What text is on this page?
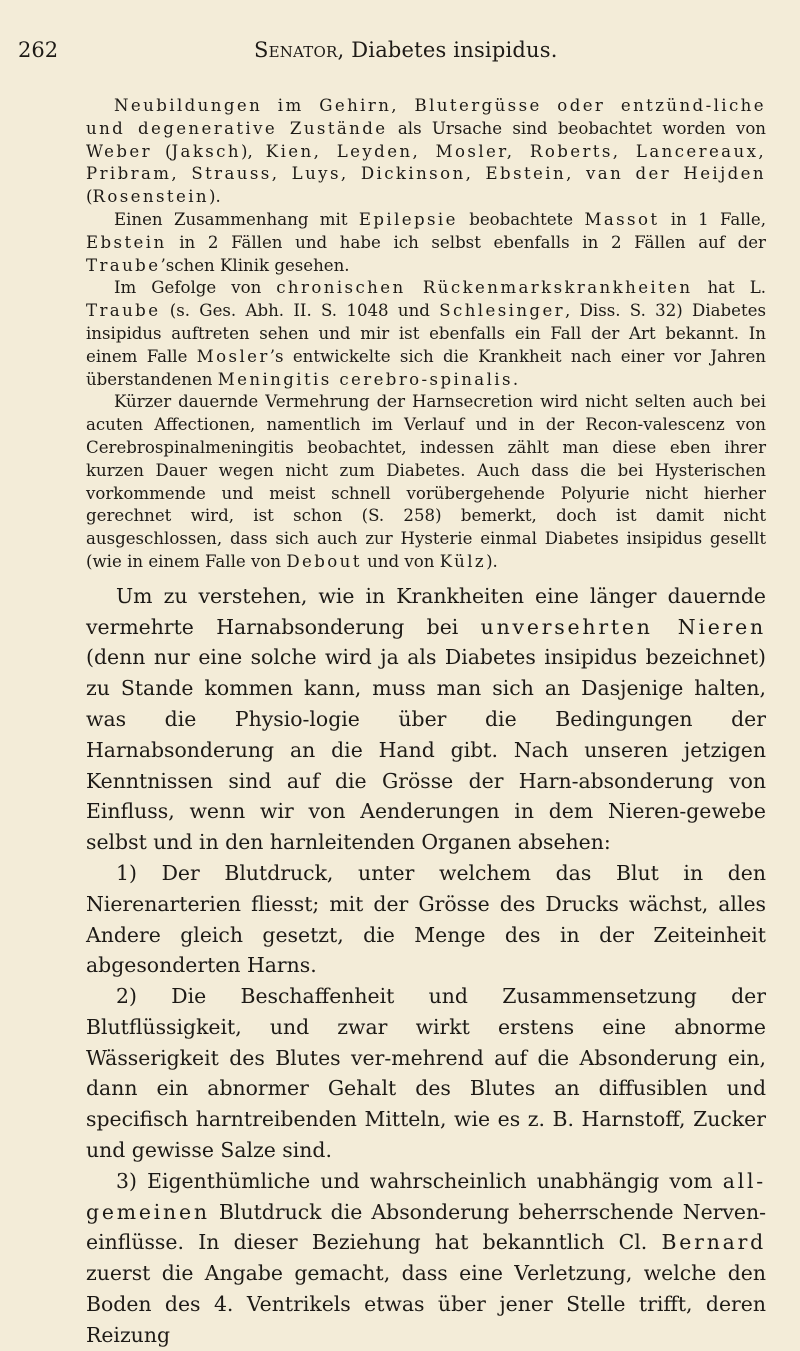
262	Senator, Diabetes insipidus.

Neubildungen im Gehirn, Blutergüsse oder entzünd-liche und degenerative Zustände als Ursache sind beobachtet worden von Weber (Jaksch), Kien, Leyden, Mosler, Roberts, Lancereaux, Pribram, Strauss, Luys, Dickinson, Ebstein, van der Heijden (Rosenstein).

Einen Zusammenhang mit Epilepsie beobachtete Massot in 1 Falle, Ebstein in 2 Fällen und habe ich selbst ebenfalls in 2 Fällen auf der Traube’schen Klinik gesehen.

Im Gefolge von chronischen Rückenmarkskrankheiten hat L. Traube (s. Ges. Abh. II. S. 1048 und Schlesinger, Diss. S. 32) Diabetes insipidus auftreten sehen und mir ist ebenfalls ein Fall der Art bekannt. In einem Falle Mosler’s entwickelte sich die Krankheit nach einer vor Jahren überstandenen Meningitis cerebro-spinalis.

Kürzer dauernde Vermehrung der Harnsecretion wird nicht selten auch bei acuten Affectionen, namentlich im Verlauf und in der Recon-valescenz von Cerebrospinalmeningitis beobachtet, indessen zählt man diese eben ihrer kurzen Dauer wegen nicht zum Diabetes. Auch dass die bei Hysterischen vorkommende und meist schnell vorübergehende Polyurie nicht hierher gerechnet wird, ist schon (S. 258) bemerkt, doch ist damit nicht ausgeschlossen, dass sich auch zur Hysterie einmal Diabetes insipidus gesellt (wie in einem Falle von Debout und von Külz).

Um zu verstehen, wie in Krankheiten eine länger dauernde vermehrte Harnabsonderung bei unversehrten Nieren (denn nur eine solche wird ja als Diabetes insipidus bezeichnet) zu Stande kommen kann, muss man sich an Dasjenige halten, was die Physio-logie über die Bedingungen der Harnabsonderung an die Hand gibt. Nach unseren jetzigen Kenntnissen sind auf die Grösse der Harn-absonderung von Einfluss, wenn wir von Aenderungen in dem Nieren-gewebe selbst und in den harnleitenden Organen absehen:

1) Der Blutdruck, unter welchem das Blut in den Nierenarterien fliesst; mit der Grösse des Drucks wächst, alles Andere gleich gesetzt, die Menge des in der Zeiteinheit abgesonderten Harns.

2) Die Beschaffenheit und Zusammensetzung der Blutflüssigkeit, und zwar wirkt erstens eine abnorme Wässerigkeit des Blutes ver-mehrend auf die Absonderung ein, dann ein abnormer Gehalt des Blutes an diffusiblen und specifisch harntreibenden Mitteln, wie es z. B. Harnstoff, Zucker und gewisse Salze sind.

3) Eigenthümliche und wahrscheinlich unabhängig vom all-gemeinen Blutdruck die Absonderung beherrschende Nerven-einflüsse. In dieser Beziehung hat bekanntlich Cl. Bernard zuerst die Angabe gemacht, dass eine Verletzung, welche den Boden des 4. Ventrikels etwas über jener Stelle trifft, deren Reizung
